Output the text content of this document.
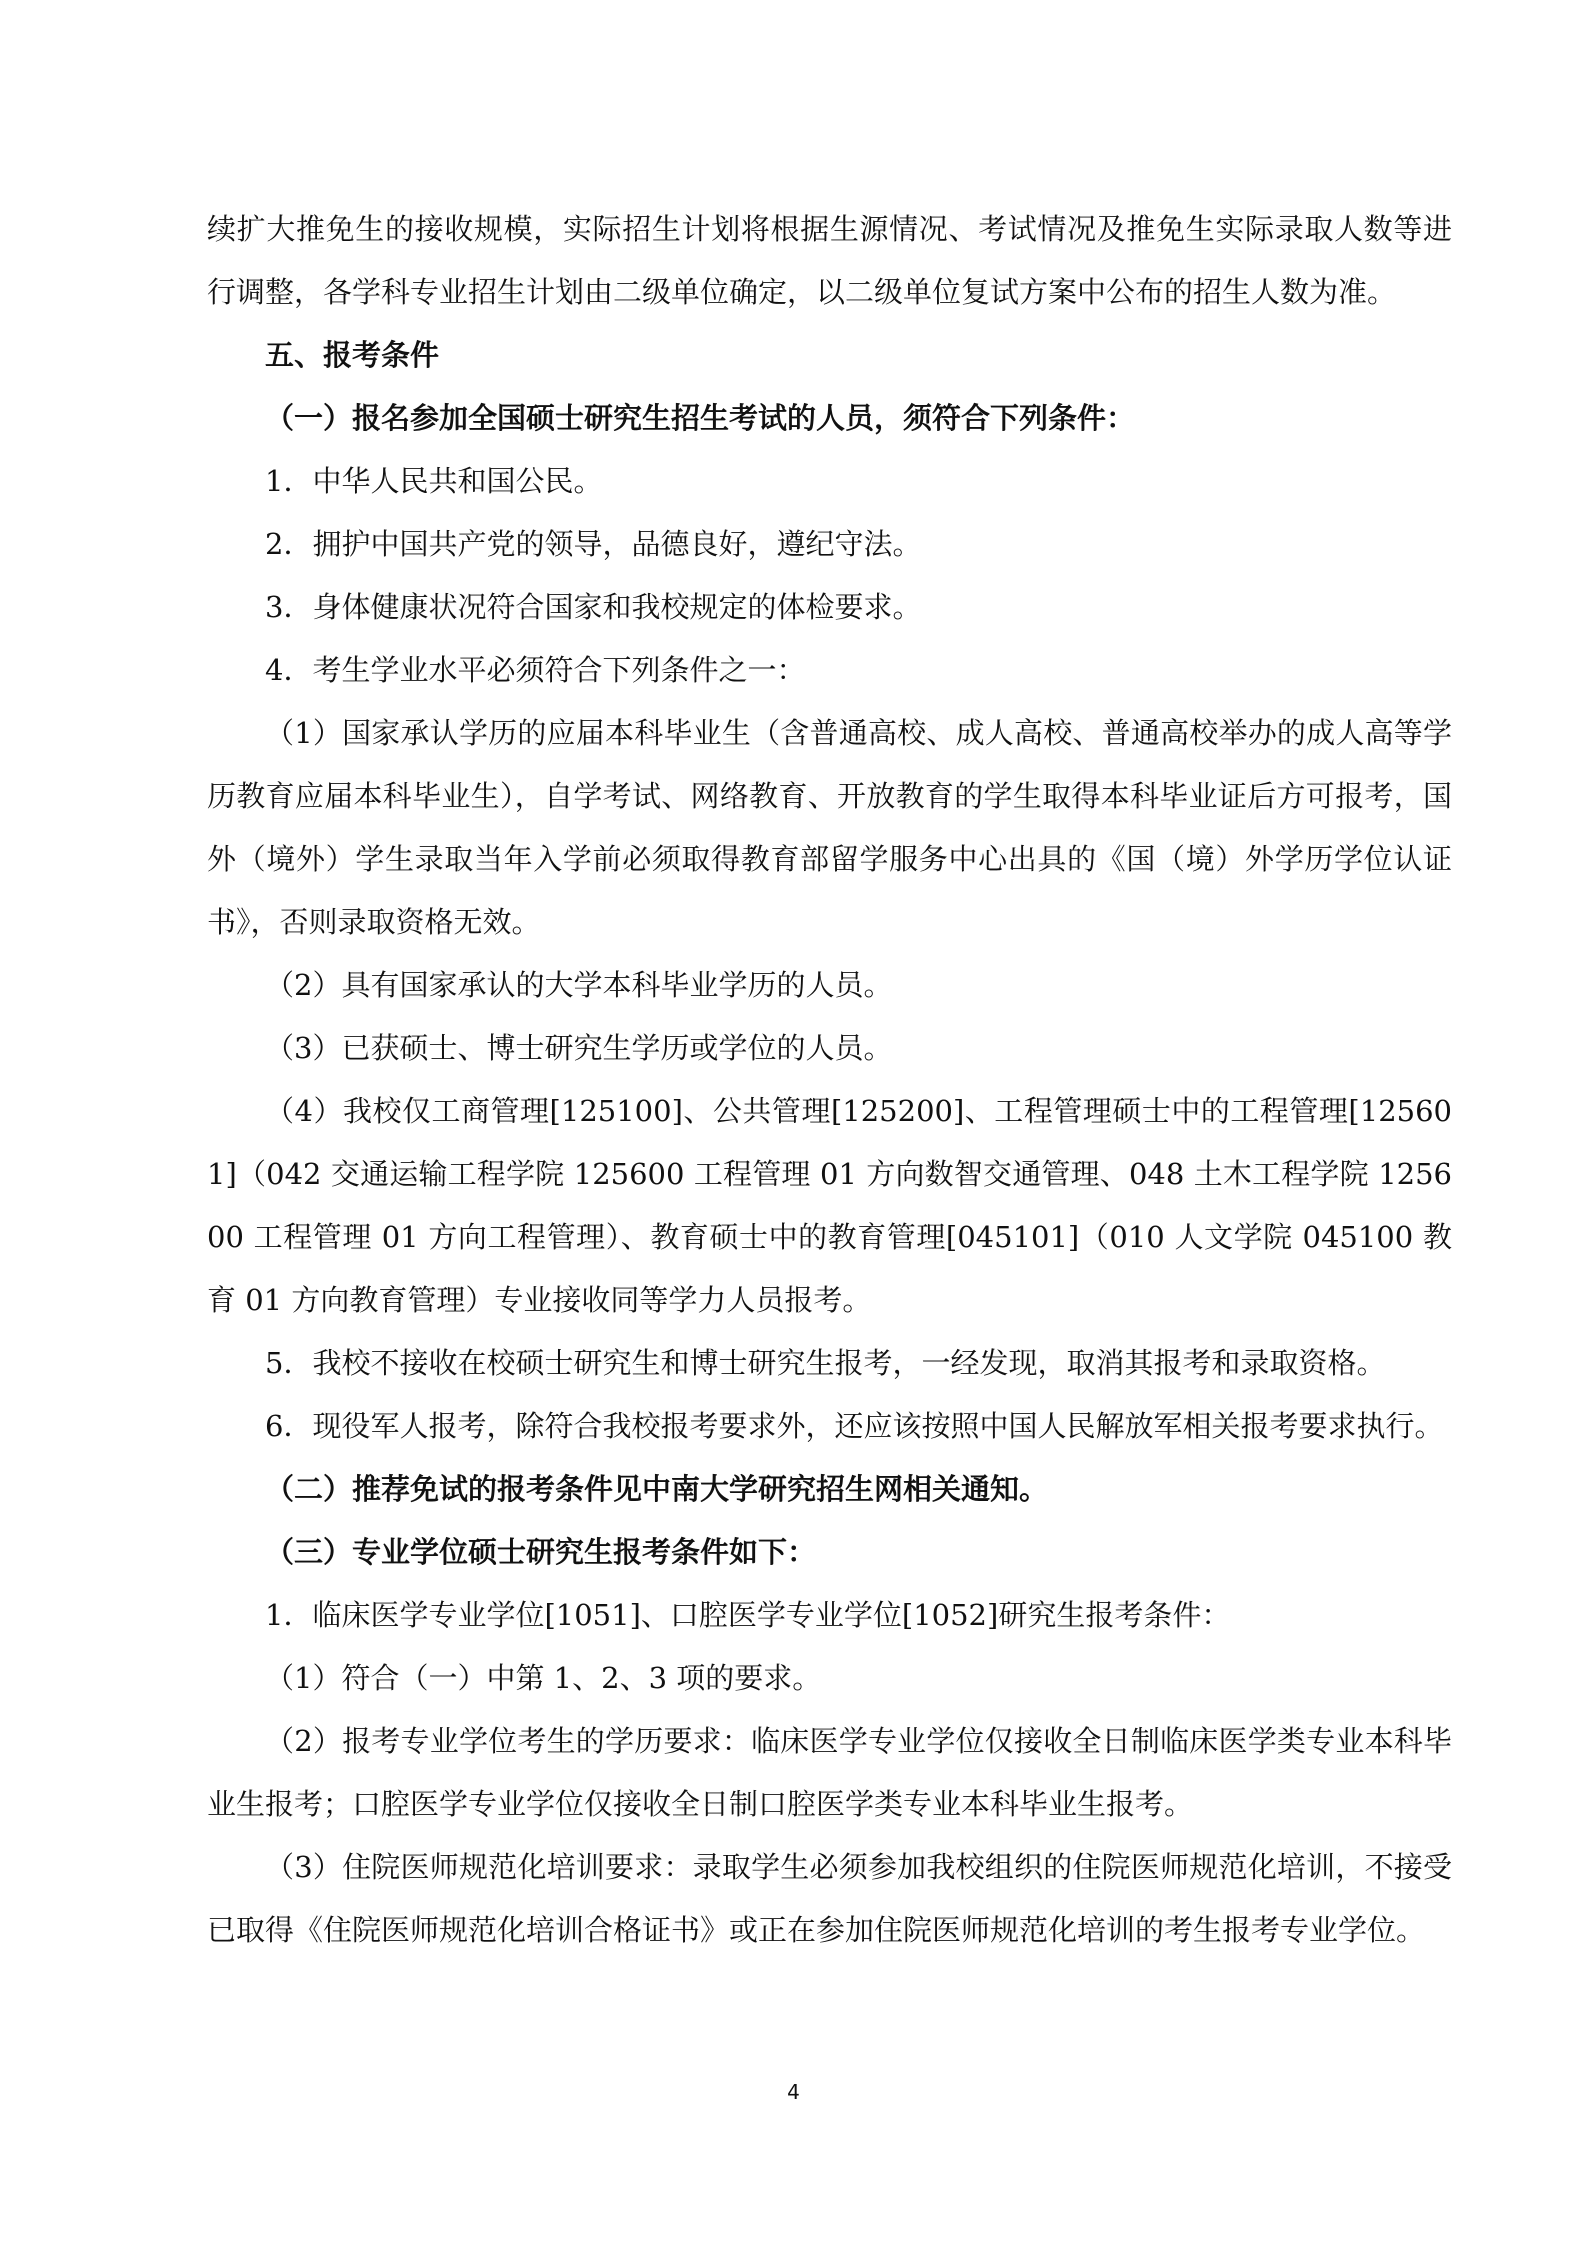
续扩大推免生的接收规模，实际招生计划将根据生源情况、考试情况及推免生实际录取人数等进行调整，各学科专业招生计划由二级单位确定，以二级单位复试方案中公布的招生人数为准。

五、报考条件

（一）报名参加全国硕士研究生招生考试的人员，须符合下列条件：

1．中华人民共和国公民。

2．拥护中国共产党的领导，品德良好，遵纪守法。

3．身体健康状况符合国家和我校规定的体检要求。

4．考生学业水平必须符合下列条件之一：

（1）国家承认学历的应届本科毕业生（含普通高校、成人高校、普通高校举办的成人高等学历教育应届本科毕业生），自学考试、网络教育、开放教育的学生取得本科毕业证后方可报考，国外（境外）学生录取当年入学前必须取得教育部留学服务中心出具的《国（境）外学历学位认证书》，否则录取资格无效。

（2）具有国家承认的大学本科毕业学历的人员。

（3）已获硕士、博士研究生学历或学位的人员。

（4）我校仅工商管理[125100]、公共管理[125200]、工程管理硕士中的工程管理[125601]（042 交通运输工程学院 125600 工程管理 01 方向数智交通管理、048 土木工程学院 125600 工程管理 01 方向工程管理）、教育硕士中的教育管理[045101]（010 人文学院 045100 教育 01 方向教育管理）专业接收同等学力人员报考。

5．我校不接收在校硕士研究生和博士研究生报考，一经发现，取消其报考和录取资格。

6．现役军人报考，除符合我校报考要求外，还应该按照中国人民解放军相关报考要求执行。

（二）推荐免试的报考条件见中南大学研究招生网相关通知。

（三）专业学位硕士研究生报考条件如下：

1．临床医学专业学位[1051]、口腔医学专业学位[1052]研究生报考条件：

（1）符合（一）中第 1、2、3 项的要求。

（2）报考专业学位考生的学历要求：临床医学专业学位仅接收全日制临床医学类专业本科毕业生报考；口腔医学专业学位仅接收全日制口腔医学类专业本科毕业生报考。

（3）住院医师规范化培训要求：录取学生必须参加我校组织的住院医师规范化培训，不接受已取得《住院医师规范化培训合格证书》或正在参加住院医师规范化培训的考生报考专业学位。

4
